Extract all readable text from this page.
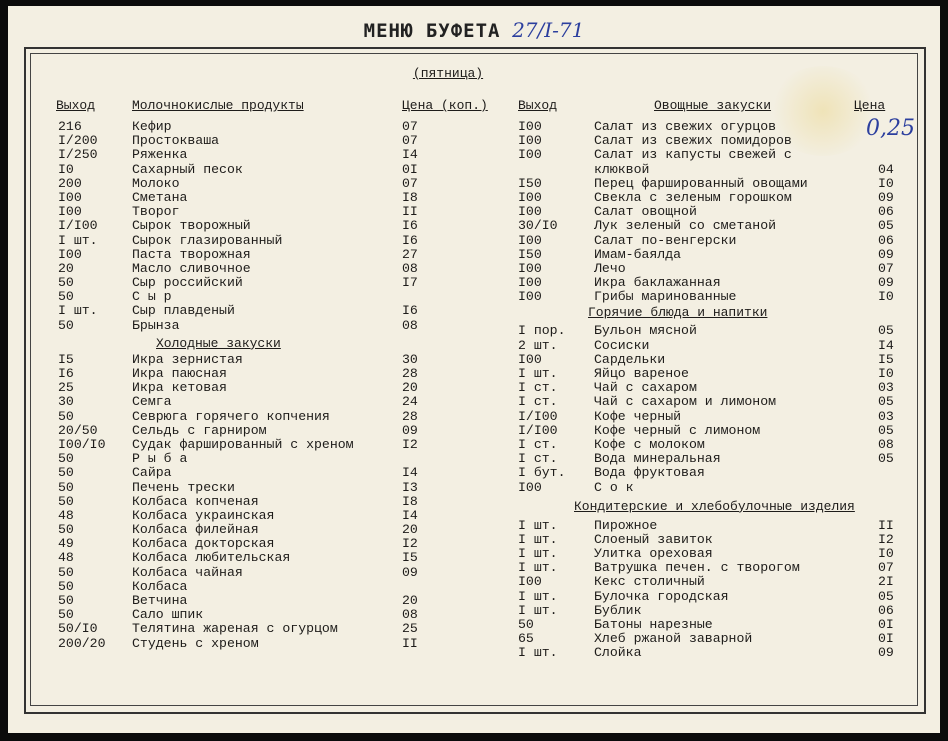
МЕНЮ БУФЕТА 27/I-71
(пятница)
0,25
Выход	Молочнокислые продукты	Цена (коп.)
216	Кефир	07
I/200	Простокваша	07
I/250	Ряженка	I4
I0	Сахарный песок	0I
200	Молоко	07
I00	Сметана	I8
I00	Творог	II
I/I00	Сырок творожный	I6
I шт.	Сырок глазированный	I6
I00	Паста творожная	27
20	Масло сливочное	08
50	Сыр российский	I7
50	С ы р
I шт.	Сыр плавденый	I6
50	Брынза	08
Холодные закуски
I5	Икра зернистая	30
I6	Икра паюсная	28
25	Икра кетовая	20
30	Семга	24
50	Севрюга горячего копчения	28
20/50	Сельдь с гарниром	09
I00/I0 Судак фаршированный с хреном	I2
50	Р ы б а
50	Сайра	I4
50	Печень трески	I3
50	Колбаса копченая	I8
48	Колбаса украинская	I4
50	Колбаса филейная	20
49	Колбаса докторская	I2
48	Колбаса любительская	I5
50	Колбаса чайная	09
50	Колбаса
50	Ветчина	20
50	Сало шпик	08
50/I0	Телятина жареная с огурцом	25
200/20 Студень с хреном	II
Выход	Овощные закуски	Цена
I00	Салат из свежих огурцов
I00	Салат из свежих помидоров
I00	Салат из капусты свежей с
клюквой	04
I50	Перец фаршированный овощами	I0
I00	Свекла с зеленым горошком	09
I00	Салат овощной	06
30/I0	Лук зеленый со сметаной	05
I00	Салат по-венгерски	06
I50	Имам-баялда	09
I00	Лечо	07
I00	Икра баклажанная	09
I00	Грибы маринованные	I0
Горячие блюда и напитки
I пор. Бульон мясной	05
2 шт.	Сосиски	I4
I00	Сардельки	I5
I шт.	Яйцо вареное	I0
I ст.	Чай с сахаром	03
I ст.	Чай с сахаром и лимоном	05
I/I00	Кофе черный	03
I/I00	Кофе черный с лимоном	05
I ст.	Кофе с молоком	08
I ст.	Вода минеральная	05
I бут. Вода фруктовая
I00	С о к
Кондитерские и хлебобулочные изделия
I шт.	Пирожное	II
I шт.	Слоеный завиток	I2
I шт.	Улитка ореховая	I0
I шт.	Ватрушка печен. с творогом	07
I00	Кекс столичный	2I
I шт.	Булочка городская	05
I шт.	Бублик	06
50	Батоны нарезные	0I
65	Хлеб ржаной заварной	0I
I шт.	Слойка	09
